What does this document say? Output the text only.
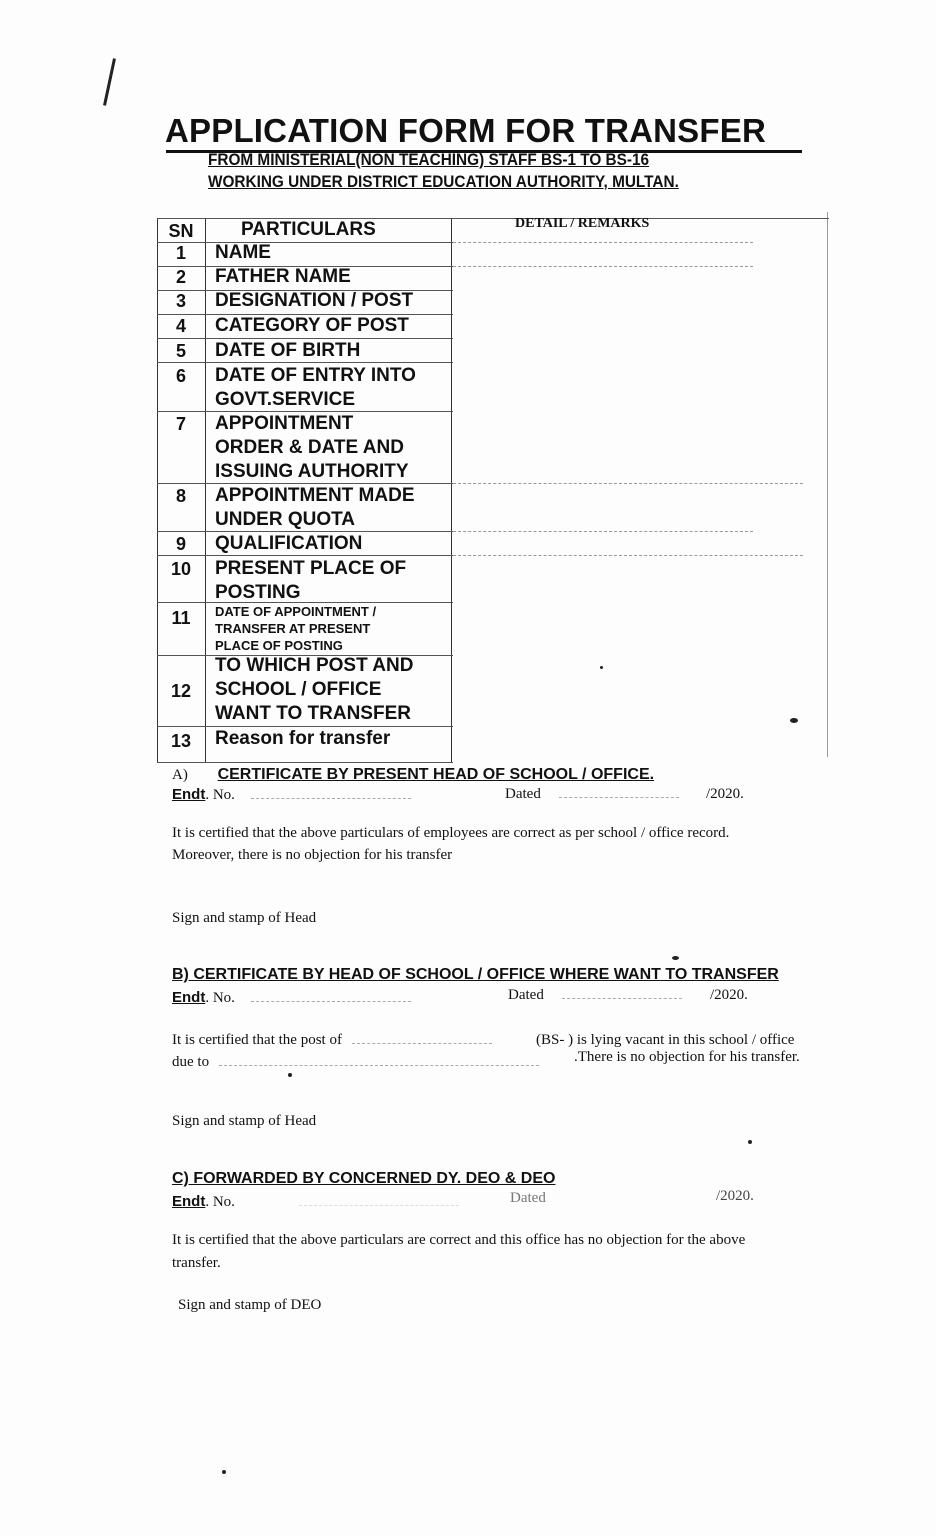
APPLICATION FORM FOR TRANSFER
FROM MINISTERIAL(NON TEACHING) STAFF BS-1 TO BS-16
WORKING UNDER DISTRICT EDUCATION AUTHORITY, MULTAN.
SN	PARTICULARS	DETAIL / REMARKS
1	NAME
2	FATHER NAME
3	DESIGNATION / POST
4	CATEGORY OF POST
5	DATE OF BIRTH
6	DATE OF ENTRY INTO
GOVT.SERVICE
7	APPOINTMENT
ORDER & DATE AND
ISSUING AUTHORITY
8	APPOINTMENT MADE
UNDER QUOTA
9	QUALIFICATION
10	PRESENT PLACE OF
POSTING
11	DATE OF APPOINTMENT /
TRANSFER AT PRESENT
PLACE OF POSTING
12
TO WHICH POST AND
SCHOOL / OFFICE
WANT TO TRANSFER
13	Reason for transfer
A) CERTIFICATE BY PRESENT HEAD OF SCHOOL / OFFICE.
Endt. No.	Dated	/2020.
It is certified that the above particulars of employees are correct as per school / office record.
Moreover, there is no objection for his transfer
Sign and stamp of Head
B) CERTIFICATE BY HEAD OF SCHOOL / OFFICE WHERE WANT TO TRANSFER
Endt. No.	Dated	/2020.
It is certified that the post of	(BS- ) is lying vacant in this school / office
due to	.There is no objection for his transfer.
Sign and stamp of Head
C) FORWARDED BY CONCERNED DY. DEO & DEO
Endt. No.	Dated	/2020.
It is certified that the above particulars are correct and this office has no objection for the above
transfer.
Sign and stamp of DEO
